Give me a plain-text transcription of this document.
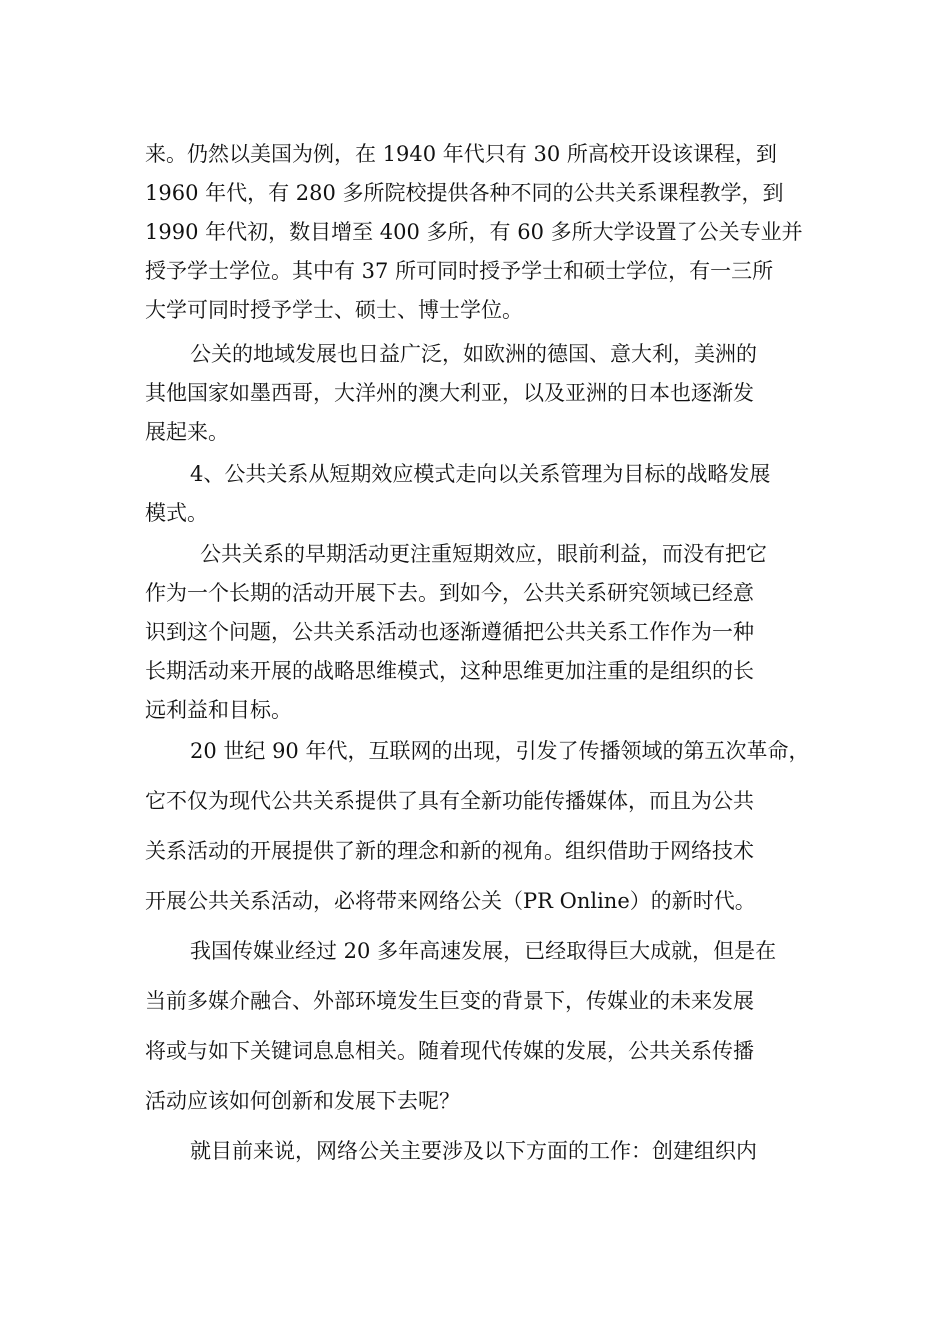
来。仍然以美国为例，在 1940 年代只有 30 所高校开设该课程，到
1960 年代，有 280 多所院校提供各种不同的公共关系课程教学，到
1990 年代初，数目增至 400 多所，有 60 多所大学设置了公关专业并
授予学士学位。其中有 37 所可同时授予学士和硕士学位，有一三所
大学可同时授予学士、硕士、博士学位。
公关的地域发展也日益广泛，如欧洲的德国、意大利，美洲的
其他国家如墨西哥，大洋州的澳大利亚，以及亚洲的日本也逐渐发
展起来。
4、公共关系从短期效应模式走向以关系管理为目标的战略发展
模式。
公共关系的早期活动更注重短期效应，眼前利益，而没有把它
作为一个长期的活动开展下去。到如今，公共关系研究领域已经意
识到这个问题，公共关系活动也逐渐遵循把公共关系工作作为一种
长期活动来开展的战略思维模式，这种思维更加注重的是组织的长
远利益和目标。
20 世纪 90 年代，互联网的出现，引发了传播领域的第五次革命，
它不仅为现代公共关系提供了具有全新功能传播媒体，而且为公共
关系活动的开展提供了新的理念和新的视角。组织借助于网络技术
开展公共关系活动，必将带来网络公关（PR Online）的新时代。
我国传媒业经过 20 多年高速发展，已经取得巨大成就，但是在
当前多媒介融合、外部环境发生巨变的背景下，传媒业的未来发展
将或与如下关键词息息相关。随着现代传媒的发展，公共关系传播
活动应该如何创新和发展下去呢？
就目前来说，网络公关主要涉及以下方面的工作：创建组织内
